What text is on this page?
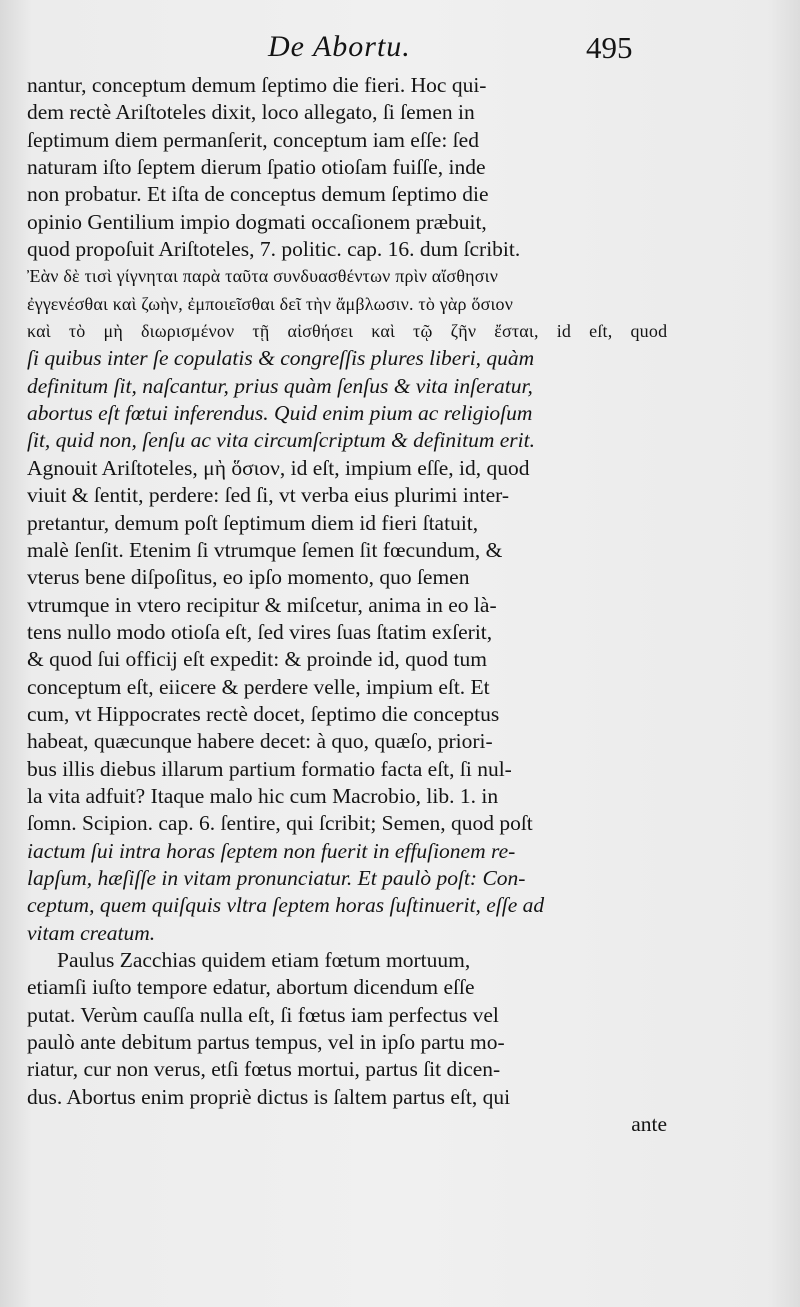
De Abortu.	495
nantur, conceptum demum ſeptimo die fieri. Hoc qui-
dem rectè Ariſtoteles dixit, loco allegato, ſi ſemen in
ſeptimum diem permanſerit, conceptum iam eſſe: ſed
naturam iſto ſeptem dierum ſpatio otioſam fuiſſe, inde
non probatur. Et iſta de conceptus demum ſeptimo die
opinio Gentilium impio dogmati occaſionem præbuit,
quod propoſuit Ariſtoteles, 7. politic. cap. 16. dum ſcribit.
Ἐὰν δὲ τισὶ γίγνηται παρὰ ταῦτα συνδυασθέντων πρὶν αἴσθησιν
ἐγγενέσθαι καὶ ζωὴν, ἐμποιεῖσθαι δεῖ τὴν ἄμβλωσιν. τὸ γὰρ ὅσιον
καὶ τὸ μὴ διωρισμένον τῇ αἰσθήσει καὶ τῷ ζῆν ἔσται, id eſt, quod
ſi quibus inter ſe copulatis & congreſſis plures liberi, quàm
definitum ſit, naſcantur, prius quàm ſenſus & vita inſeratur,
abortus eſt fœtui inferendus. Quid enim pium ac religioſum
ſit, quid non, ſenſu ac vita circumſcriptum & definitum erit.
Agnouit Ariſtoteles, μὴ ὅσιον, id eſt, impium eſſe, id, quod
viuit & ſentit, perdere: ſed ſi, vt verba eius plurimi inter-
pretantur, demum poſt ſeptimum diem id fieri ſtatuit,
malè ſenſit. Etenim ſi vtrumque ſemen ſit fœcundum, &
vterus bene diſpoſitus, eo ipſo momento, quo ſemen
vtrumque in vtero recipitur & miſcetur, anima in eo là-
tens nullo modo otioſa eſt, ſed vires ſuas ſtatim exſerit,
& quod ſui officij eſt expedit: & proinde id, quod tum
conceptum eſt, eiicere & perdere velle, impium eſt. Et
cum, vt Hippocrates rectè docet, ſeptimo die conceptus
habeat, quæcunque habere decet: à quo, quæſo, priori-
bus illis diebus illarum partium formatio facta eſt, ſi nul-
la vita adfuit? Itaque malo hic cum Macrobio, lib. 1. in
ſomn. Scipion. cap. 6. ſentire, qui ſcribit; Semen, quod poſt
iactum ſui intra horas ſeptem non fuerit in effuſionem re-
lapſum, hæſiſſe in vitam pronunciatur. Et paulò poſt: Con-
ceptum, quem quiſquis vltra ſeptem horas ſuſtinuerit, eſſe ad
vitam creatum.
Paulus Zacchias quidem etiam fœtum mortuum,
etiamſi iuſto tempore edatur, abortum dicendum eſſe
putat. Verùm cauſſa nulla eſt, ſi fœtus iam perfectus vel
paulò ante debitum partus tempus, vel in ipſo partu mo-
riatur, cur non verus, etſi fœtus mortui, partus ſit dicen-
dus. Abortus enim propriè dictus is ſaltem partus eſt, qui
ante
